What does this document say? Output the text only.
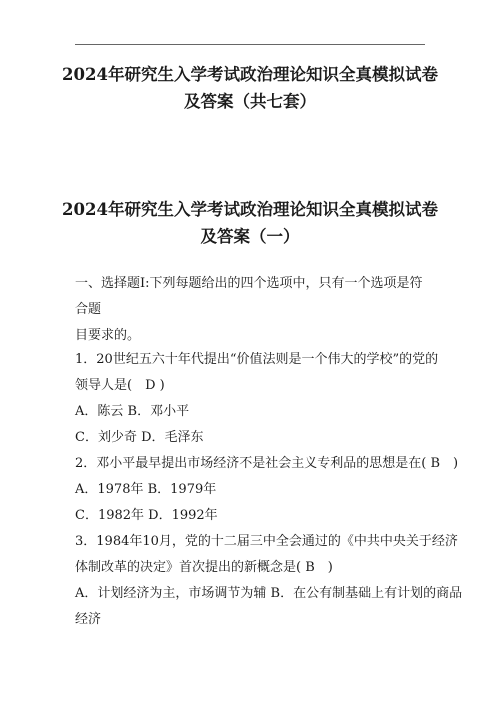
2024年研究生入学考试政治理论知识全真模拟试卷
及答案（共七套）
2024年研究生入学考试政治理论知识全真模拟试卷
及答案（一）

一、选择题Ⅰ:下列每题给出的四个选项中，只有一个选项是符合题
目要求的。

1．20世纪五六十年代提出“价值法则是一个伟大的学校”的党的
领导人是(　D )
A．陈云 B．邓小平
C．刘少奇 D．毛泽东
2．邓小平最早提出市场经济不是社会主义专利品的思想是在( B　)
A．1978年 B．1979年
C．1982年 D．1992年
3．1984年10月，党的十二届三中全会通过的《中共中央关于经济
体制改革的决定》首次提出的新概念是( B　)
A．计划经济为主，市场调节为辅 B．在公有制基础上有计划的商品
经济
